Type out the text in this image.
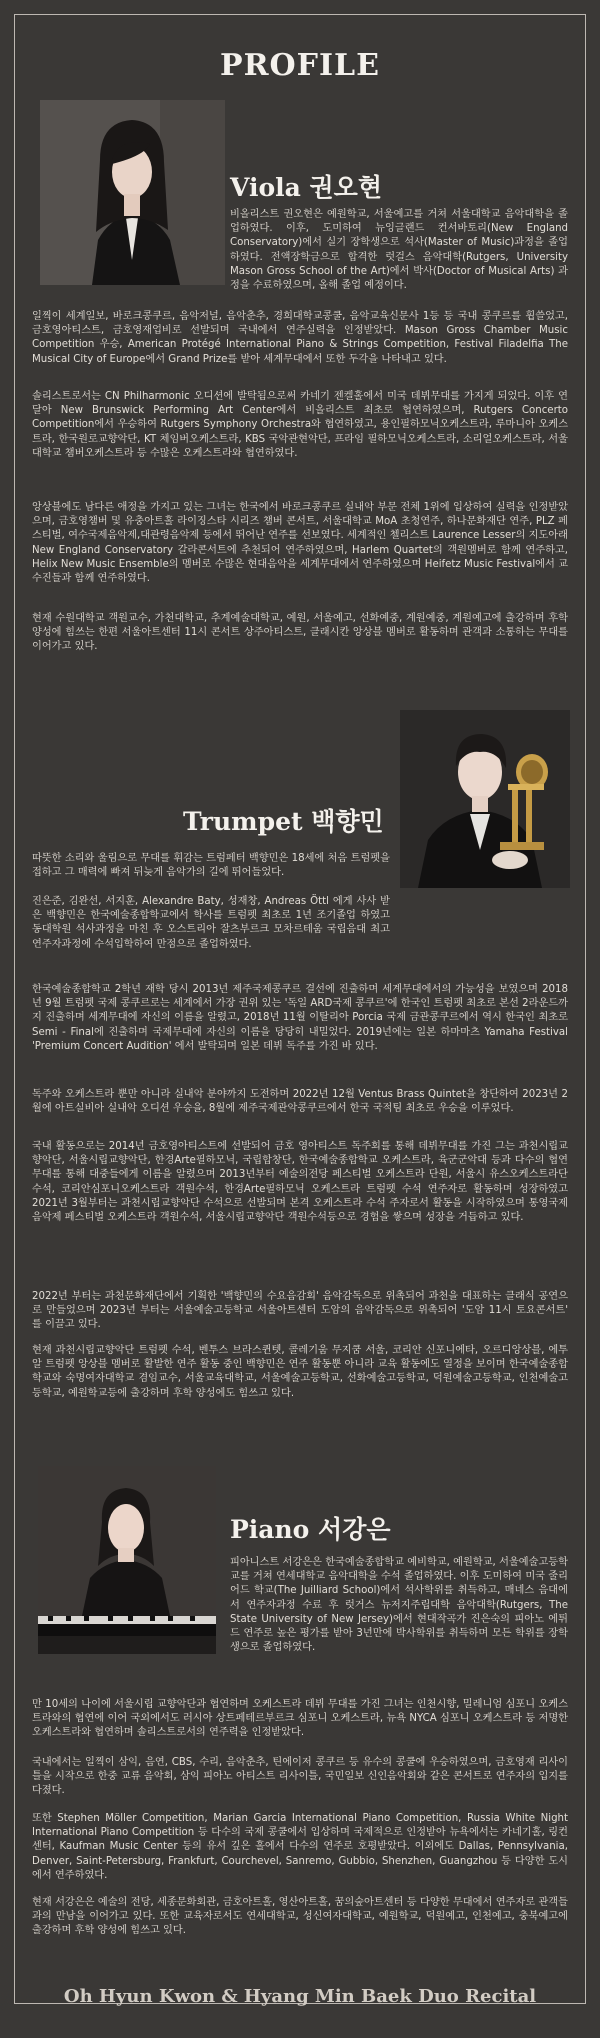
PROFILE
Viola 권오현

비올리스트 권오현은 예원학교, 서울예고를 거쳐 서울대학교 음악대학을 졸업하였다. 이후, 도미하여 뉴잉글랜드 컨서바토리(New England Conservatory)에서 실기 장학생으로 석사(Master of Music)과정을 졸업하였다. 전액장학금으로 합격한 럿걸스 음악대학(Rutgers, University Mason Gross School of the Art)에서 박사(Doctor of Musical Arts) 과정을 수료하였으며, 올해 졸업 예정이다.

일찍이 세계일보, 바로크콩쿠르, 음악저널, 음악춘추, 경희대학교콩쿨, 음악교육신문사 1등 등 국내 콩쿠르를 휩쓸었고, 금호영아티스트, 금호영재업비로 선발되며 국내에서 연주실력을 인정받았다. Mason Gross Chamber Music Competition 우승, American Protégé International Piano & Strings Competition, Festival Filadelfia The Musical City of Europe에서 Grand Prize를 받아 세계무대에서 또한 두각을 나타내고 있다.

솔리스트로서는 CN Philharmonic 오디션에 발탁됨으로써 카네기 젠켈홀에서 미국 데뷔무대를 가지게 되었다. 이후 연달아 New Brunswick Performing Art Center에서 비올리스트 최초로 협연하였으며, Rutgers Concerto Competition에서 우승하여 Rutgers Symphony Orchestra와 협연하였고, 용인필하모닉오케스트라, 루마니아 오케스트라, 한국원로교향악단, KT 체임버오케스트라, KBS 국악관현악단, 프라임 필하모닉오케스트라, 소리얼오케스트라, 서울대학교 챔버오케스트라 등 수많은 오케스트라와 협연하였다.

앙상블에도 남다른 애정을 가지고 있는 그녀는 한국에서 바로크콩쿠르 실내악 부문 전체 1위에 입상하여 실력을 인정받았으며, 금호영챔버 및 유충아트홀 라이징스타 시리즈 챔버 콘서트, 서울대학교 MoA 초청연주, 하나문화재단 연주, PLZ 페스티벌, 여수국제음악제,대관령음악제 등에서 뛰어난 연주를 선보였다. 세계적인 첼리스트 Laurence Lesser의 지도아래 New England Conservatory 갈라콘서트에 추천되어 연주하였으며, Harlem Quartet의 객원멤버로 함께 연주하고, Helix New Music Ensemble의 멤버로 수많은 현대음악을 세계무대에서 연주하였으며 Heifetz Music Festival에서 교수진들과 함께 연주하였다.

현재 수원대학교 객원교수, 가천대학교, 추계예술대학교, 예원, 서울예고, 선화예중, 계원예중, 계원예고에 출강하며 후학 양성에 힘쓰는 한편 서울아트센터 11시 콘서트 상주아티스트, 클래시칸 앙상블 멤버로 활동하며 관객과 소통하는 무대를 이어가고 있다.

Trumpet 백향민

따뜻한 소리와 울림으로 무대를 휘감는 트럼페터 백향민은 18세에 처음 트럼펫을 접하고 그 매력에 빠져 뒤늦게 음악가의 길에 뛰어들었다.

진은준, 김완선, 서지훈, Alexandre Baty, 성재창, Andreas Öttl 에게 사사 받은 백향민은 한국예술종합학교에서 학사를 트럼펫 최초로 1년 조기졸업 하였고 동대학원 석사과정을 마친 후 오스트리아 잘츠부르크 모차르테움 국립음대 최고연주자과정에 수석입학하여 만점으로 졸업하였다.

한국예술종합학교 2학년 재학 당시 2013년 제주국제콩쿠르 결선에 진출하며 세계무대에서의 가능성을 보였으며 2018년 9월 트럼펫 국제 콩쿠르로는 세계에서 가장 권위 있는 '독일 ARD국제 콩쿠르'에 한국인 트럼펫 최초로 본선 2라운드까지 진출하며 세계무대에 자신의 이름을 알렸고, 2018년 11월 이탈리아 Porcia 국제 금관콩쿠르에서 역시 한국인 최초로 Semi - Final에 진출하며 국제무대에 자신의 이름을 당당히 내밀었다. 2019년에는 일본 하마마츠 Yamaha Festival 'Premium Concert Audition' 에서 발탁되며 일본 데뷔 독주를 가진 바 있다.

독주와 오케스트라 뿐만 아니라 실내악 분야까지 도전하며 2022년 12월 Ventus Brass Quintet을 창단하여 2023년 2월에 아트실비아 실내악 오디션 우승을, 8월에 제주국제관악콩쿠르에서 한국 국적팀 최초로 우승을 이루었다.

국내 활동으로는 2014년 금호영아티스트에 선발되어 금호 영아티스트 독주회를 통해 데뷔무대를 가진 그는 과천시립교향악단, 서울시립교향악단, 한경Arte필하모닉, 국립합창단, 한국예술종합학교 오케스트라, 육군군악대 등과 다수의 협연무대를 통해 대중들에게 이름을 알렸으며 2013년부터 예술의전당 페스티벌 오케스트라 단원, 서울시 유스오케스트라단 수석, 코리안심포니오케스트라 객원수석, 한경Arte필하모닉 오케스트라 트럼펫 수석 연주자로 활동하며 성장하였고 2021년 3월부터는 과천시립교향악단 수석으로 선발되며 본격 오케스트라 수석 주자로서 활동을 시작하였으며 통영국제음악제 페스티벌 오케스트라 객원수석, 서울시립교향악단 객원수석등으로 경험을 쌓으며 성장을 거듭하고 있다.

2022년 부터는 과천문화재단에서 기획한 '백향민의 수요음감회' 음악감독으로 위촉되어 과천을 대표하는 클래식 공연으로 만들었으며 2023년 부터는 서울예술고등학교 서울아트센터 도암의 음악감독으로 위촉되어 '도암 11시 토요콘서트' 를 이끌고 있다.

현재 과천시립교향악단 트럼펫 수석, 벤투스 브라스퀸텟, 콜레기움 무지쿰 서울, 코리안 신포니에타, 오르디앙상블, 에투알 트럼펫 앙상블 멤버로 활발한 연주 활동 중인 백향민은 연주 활동뿐 아니라 교육 활동에도 열정을 보이며 한국예술종합학교와 숙명여자대학교 겸임교수, 서울교육대학교, 서울예술고등학교, 선화예술고등학교, 덕원예술고등학교, 인천예술고등학교, 예원학교등에 출강하며 후학 양성에도 힘쓰고 있다.

Piano 서강은

피아니스트 서강은은 한국예술종합학교 예비학교, 예원학교, 서울예술고등학교를 거쳐 연세대학교 음악대학을 수석 졸업하였다. 이후 도미하여 미국 줄리어드 학교(The Juilliard School)에서 석사학위를 취득하고, 매네스 음대에서 연주자과정 수료 후 럿거스 뉴저지주립대학 음악대학(Rutgers, The State University of New Jersey)에서 현대작곡가 진은숙의 피아노 에튀드 연주로 높은 평가를 받아 3년만에 박사학위를 취득하며 모든 학위를 장학생으로 졸업하였다.

만 10세의 나이에 서울시립 교향악단과 협연하며 오케스트라 데뷔 무대를 가진 그녀는 인천시향, 밀레니엄 심포니 오케스트라와의 협연에 이어 국외에서도 러시아 상트페테르부르크 심포니 오케스트라, 뉴욕 NYCA 심포니 오케스트라 등 저명한 오케스트라와 협연하며 솔리스트로서의 연주력을 인정받았다.

국내에서는 일찍이 삼익, 음연, CBS, 수리, 음악춘추, 틴에이저 콩쿠르 등 유수의 콩쿨에 우승하였으며, 금호영재 리사이틀을 시작으로 한중 교류 음악회, 삼익 피아노 아티스트 리사이틀, 국민일보 신인음악회와 같은 콘서트로 연주자의 입지를 다졌다.

또한 Stephen Möller Competition, Marian Garcia International Piano Competition, Russia White Night International Piano Competition 등 다수의 국제 콩쿨에서 입상하며 국제적으로 인정받아 뉴욕에서는 카네기홀, 링컨센터, Kaufman Music Center 등의 유서 깊은 홀에서 다수의 연주로 호평받았다. 이외에도 Dallas, Pennsylvania, Denver, Saint-Petersburg, Frankfurt, Courchevel, Sanremo, Gubbio, Shenzhen, Guangzhou 등 다양한 도시에서 연주하였다.

현재 서강은은 예술의 전당, 세종문화회관, 금호아트홀, 영산아트홀, 꿈의숲아트센터 등 다양한 무대에서 연주자로 관객들과의 만남을 이어가고 있다. 또한 교육자로서도 연세대학교, 성신여자대학교, 예원학교, 덕원예고, 인천예고, 충북예고에 출강하며 후학 양성에 힘쓰고 있다.

Oh Hyun Kwon & Hyang Min Baek Duo Recital
